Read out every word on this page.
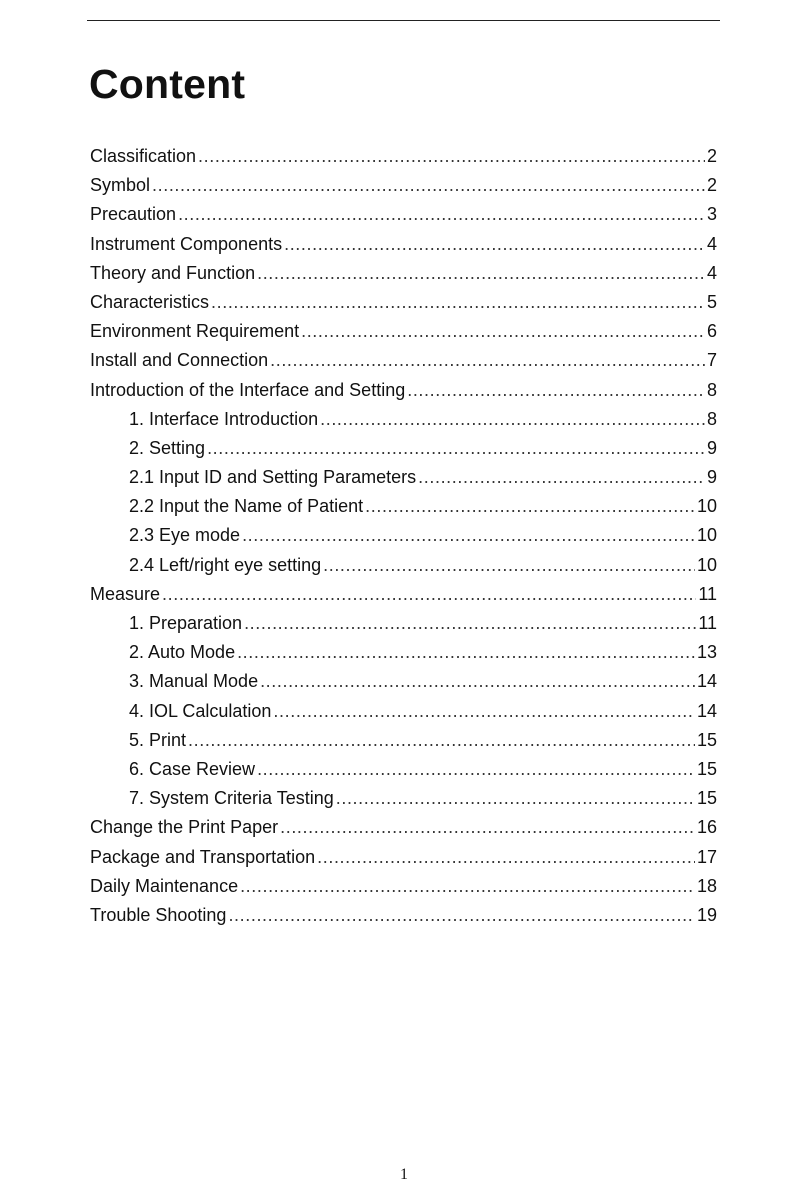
Content
Classification .....	2
Symbol .....	2
Precaution .....	3
Instrument Components .....	4
Theory and Function .....	4
Characteristics .....	5
Environment Requirement .....	6
Install and Connection .....	7
Introduction of the Interface and Setting .....	8
1. Interface Introduction .....	8
2. Setting .....	9
2.1 Input ID and Setting Parameters .....	9
2.2 Input the Name of Patient .....	10
2.3 Eye mode .....	10
2.4 Left/right eye setting .....	10
Measure .....	11
1. Preparation .....	11
2. Auto Mode .....	13
3. Manual Mode .....	14
4. IOL Calculation .....	14
5. Print .....	15
6. Case Review .....	15
7. System Criteria Testing .....	15
Change the Print Paper .....	16
Package and Transportation .....	17
Daily Maintenance .....	18
Trouble Shooting .....	19
1
